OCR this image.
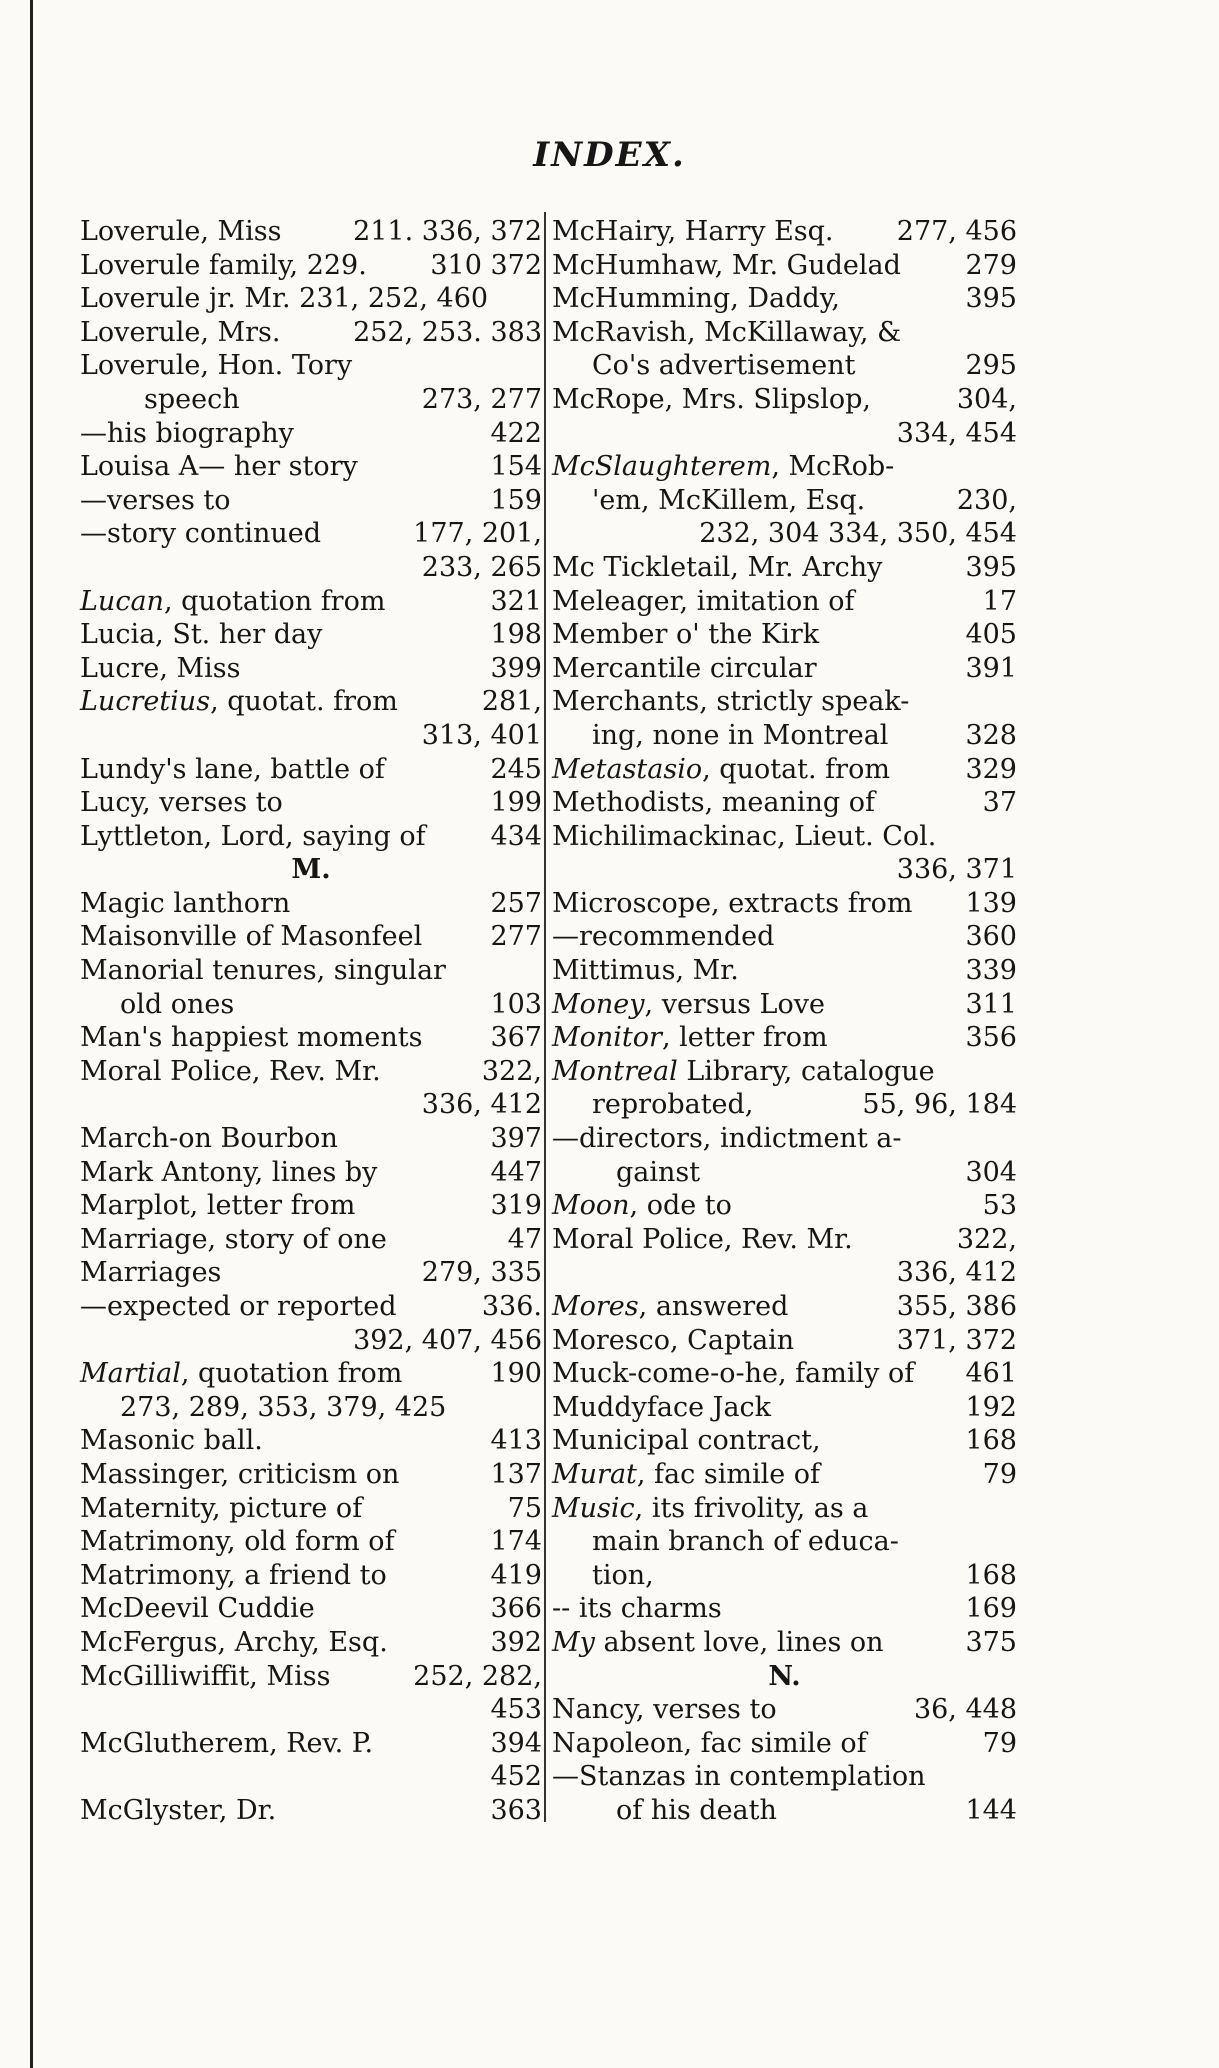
INDEX.
Loverule, Miss	211. 336, 372
Loverule family, 229. 310 372
Loverule jr. Mr. 231, 252, 460
Loverule, Mrs.	252, 253. 383
Loverule, Hon. Tory
speech	273, 277
—his biography	422
Louisa A— her story	154
—verses to	159
—story continued	177, 201,
233, 265
Lucan, quotation from	321
Lucia, St. her day	198
Lucre, Miss	399
Lucretius, quotat. from	281,
313, 401
Lundy's lane, battle of	245
Lucy, verses to	199
Lyttleton, Lord, saying of 434
M.
Magic lanthorn	257
Maisonville of Masonfeel	277
Manorial tenures, singular
old ones	103
Man's happiest moments	367
Moral Police, Rev. Mr.	322,
336, 412
March-on Bourbon	397
Mark Antony, lines by	447
Marplot, letter from	319
Marriage, story of one	47
Marriages	279, 335
—expected or reported	336.
392, 407, 456
Martial, quotation from	190
273, 289, 353, 379, 425
Masonic ball.	413
Massinger, criticism on	137
Maternity, picture of	75
Matrimony, old form of	174
Matrimony, a friend to	419
McDeevil Cuddie	366
McFergus, Archy, Esq.	392
McGilliwiffit, Miss	252, 282,
453
McGlutherem, Rev. P.	394
452
McGlyster, Dr.	363
McHairy, Harry Esq. 277, 456
McHumhaw, Mr. Gudelad 279
McHumming, Daddy,	395
McRavish, McKillaway, &
Co's advertisement	295
McRope, Mrs. Slipslop,	304,
334, 454
McSlaughterem, McRob-
'em, McKillem, Esq.	230,
232, 304 334, 350, 454
Mc Tickletail, Mr. Archy	395
Meleager, imitation of	17
Member o' the Kirk	405
Mercantile circular	391
Merchants, strictly speak-
ing, none in Montreal	328
Metastasio, quotat. from	329
Methodists, meaning of	37
Michilimackinac, Lieut. Col.
336, 371
Microscope, extracts from 139
—recommended	360
Mittimus, Mr.	339
Money, versus Love	311
Monitor, letter from	356
Montreal Library, catalogue
reprobated,	55, 96, 184
—directors, indictment a-
gainst	304
Moon, ode to	53
Moral Police, Rev. Mr.	322,
336, 412
Mores, answered	355, 386
Moresco, Captain	371, 372
Muck-come-o-he, family of 461
Muddyface Jack	192
Municipal contract,	168
Murat, fac simile of	79
Music, its frivolity, as a
main branch of educa-
tion,	168
-- its charms	169
My absent love, lines on	375
N.
Nancy, verses to	36, 448
Napoleon, fac simile of	79
—Stanzas in contemplation
of his death	144
